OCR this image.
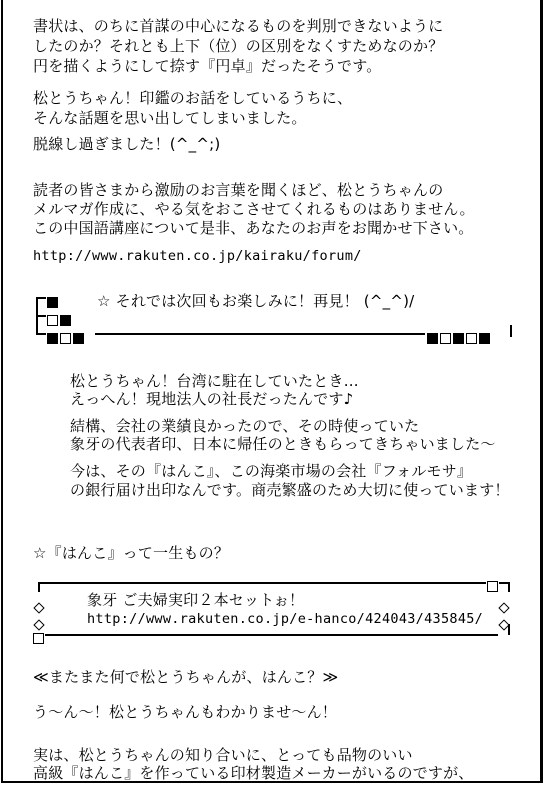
書状は、のちに首謀の中心になるものを判別できないように
したのか？それとも上下（位）の区別をなくすためなのか？
円を描くようにして捺す『円卓』だったそうです。
松とうちゃん！印鑑のお話をしているうちに、
そんな話題を思い出してしまいました。
脱線し過ぎました！(^_^;)
読者の皆さまから激励のお言葉を聞くほど、松とうちゃんの
メルマガ作成に、やる気をおこさせてくれるものはありません。
この中国語講座について是非、あなたのお声をお聞かせ下さい。
http://www.rakuten.co.jp/kairaku/forum/
☆ それでは次回もお楽しみに！再見！ (^_^)/
松とうちゃん！台湾に駐在していたとき…
えっへん！現地法人の社長だったんです♪
結構、会社の業績良かったので、その時使っていた
象牙の代表者印、日本に帰任のときもらってきちゃいました～
今は、その『はんこ』、この海楽市場の会社『フォルモサ』
の銀行届け出印なんです。商売繁盛のため大切に使っています！
☆『はんこ』って一生もの？
象牙 ご夫婦実印２本セットぉ！
http://www.rakuten.co.jp/e-hanco/424043/435845/
≪またまた何で松とうちゃんが、はんこ？≫
う～ん～！松とうちゃんもわかりませ～ん！
実は、松とうちゃんの知り合いに、とっても品物のいい
高級『はんこ』を作っている印材製造メーカーがいるのですが、
